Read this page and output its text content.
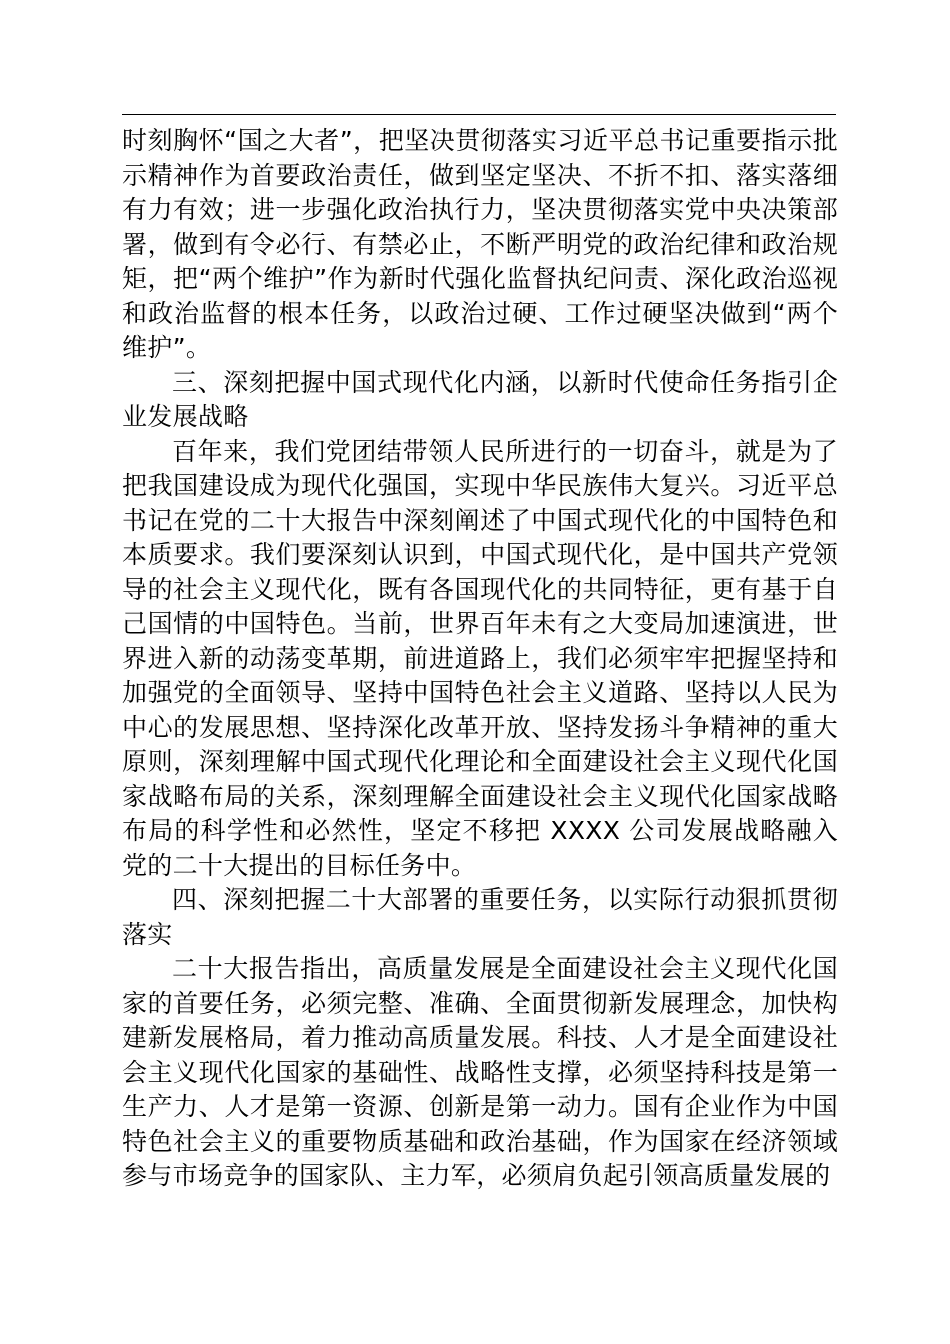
时刻胸怀“国之大者”，把坚决贯彻落实习近平总书记重要指示批示精神作为首要政治责任，做到坚定坚决、不折不扣、落实落细有力有效；进一步强化政治执行力，坚决贯彻落实党中央决策部署，做到有令必行、有禁必止，不断严明党的政治纪律和政治规矩，把“两个维护”作为新时代强化监督执纪问责、深化政治巡视和政治监督的根本任务，以政治过硬、工作过硬坚决做到“两个维护”。

三、深刻把握中国式现代化内涵，以新时代使命任务指引企业发展战略

百年来，我们党团结带领人民所进行的一切奋斗，就是为了把我国建设成为现代化强国，实现中华民族伟大复兴。习近平总书记在党的二十大报告中深刻阐述了中国式现代化的中国特色和本质要求。我们要深刻认识到，中国式现代化，是中国共产党领导的社会主义现代化，既有各国现代化的共同特征，更有基于自己国情的中国特色。当前，世界百年未有之大变局加速演进，世界进入新的动荡变革期，前进道路上，我们必须牢牢把握坚持和加强党的全面领导、坚持中国特色社会主义道路、坚持以人民为中心的发展思想、坚持深化改革开放、坚持发扬斗争精神的重大原则，深刻理解中国式现代化理论和全面建设社会主义现代化国家战略布局的关系，深刻理解全面建设社会主义现代化国家战略布局的科学性和必然性，坚定不移把 XXXX 公司发展战略融入党的二十大提出的目标任务中。

四、深刻把握二十大部署的重要任务，以实际行动狠抓贯彻落实

二十大报告指出，高质量发展是全面建设社会主义现代化国家的首要任务，必须完整、准确、全面贯彻新发展理念，加快构建新发展格局，着力推动高质量发展。科技、人才是全面建设社会主义现代化国家的基础性、战略性支撑，必须坚持科技是第一生产力、人才是第一资源、创新是第一动力。国有企业作为中国特色社会主义的重要物质基础和政治基础，作为国家在经济领域参与市场竞争的国家队、主力军，必须肩负起引领高质量发展的
